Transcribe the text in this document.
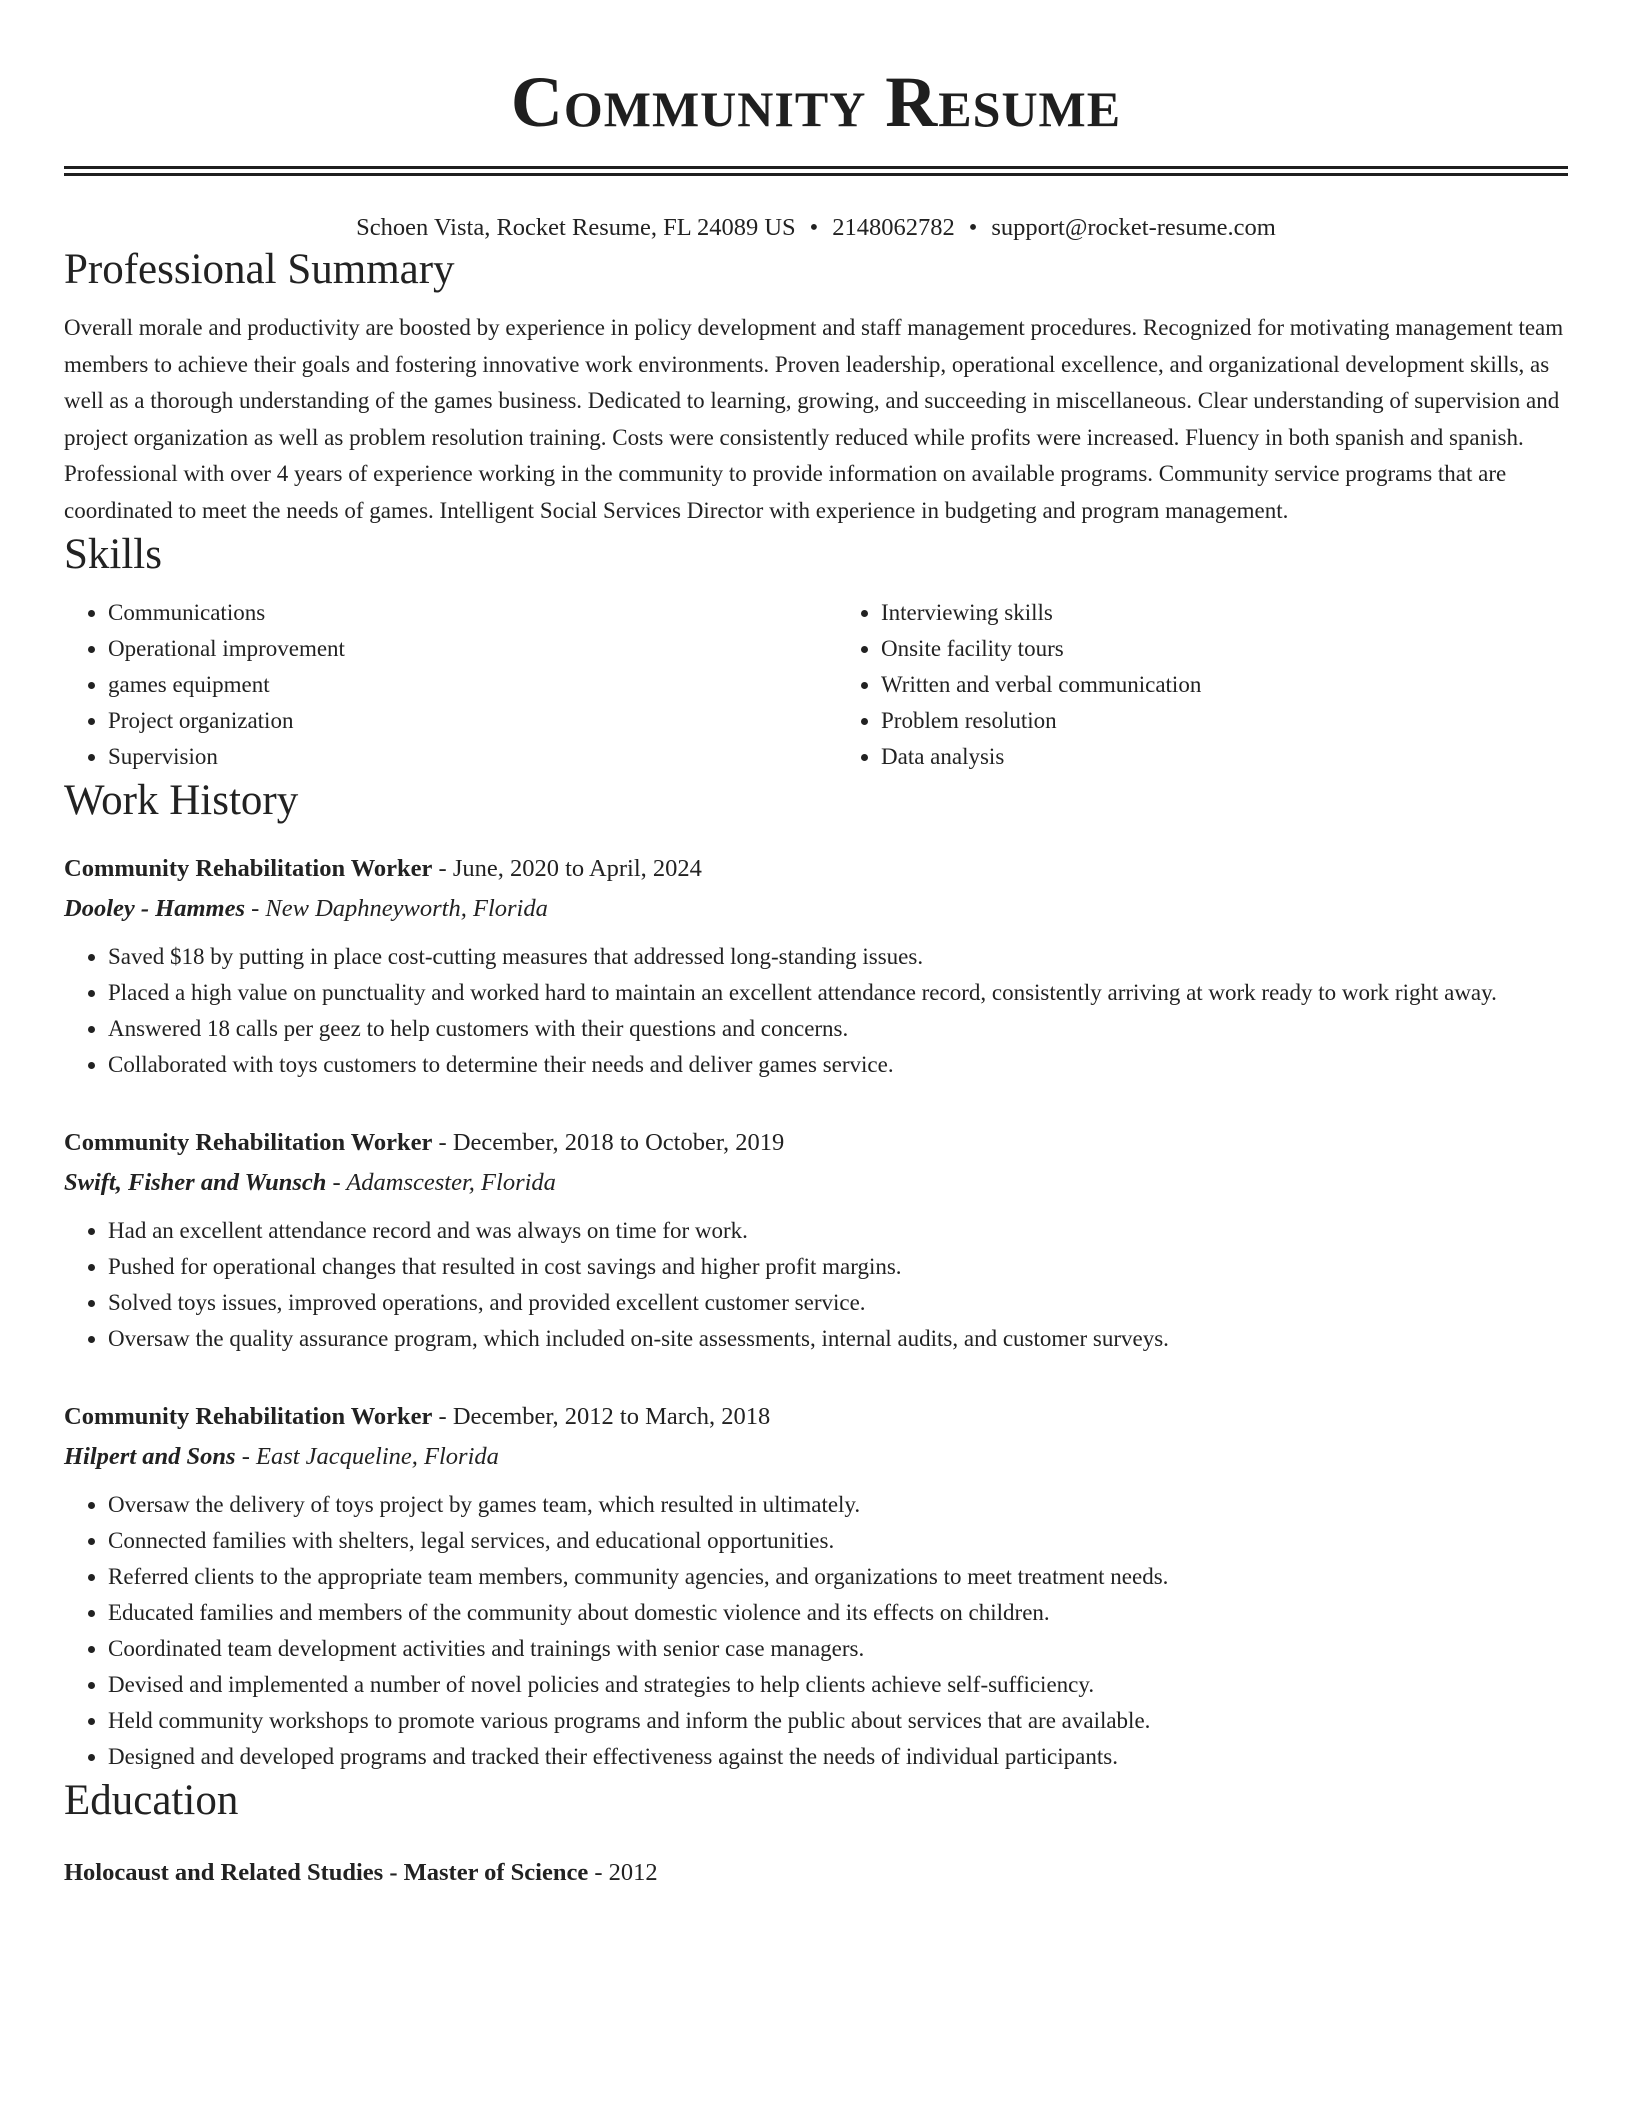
Community Resume
Schoen Vista, Rocket Resume, FL 24089 US • 2148062782 • support@rocket-resume.com
Professional Summary

Overall morale and productivity are boosted by experience in policy development and staff management procedures. Recognized for motivating management team members to achieve their goals and fostering innovative work environments. Proven leadership, operational excellence, and organizational development skills, as well as a thorough understanding of the games business. Dedicated to learning, growing, and succeeding in miscellaneous. Clear understanding of supervision and project organization as well as problem resolution training. Costs were consistently reduced while profits were increased. Fluency in both spanish and spanish. Professional with over 4 years of experience working in the community to provide information on available programs. Community service programs that are coordinated to meet the needs of games. Intelligent Social Services Director with experience in budgeting and program management.

Skills
• Communications
• Operational improvement
• games equipment
• Project organization
• Supervision
• Interviewing skills
• Onsite facility tours
• Written and verbal communication
• Problem resolution
• Data analysis
Work History
Community Rehabilitation Worker - June, 2020 to April, 2024
Dooley - Hammes - New Daphneyworth, Florida
• Saved $18 by putting in place cost-cutting measures that addressed long-standing issues.
• Placed a high value on punctuality and worked hard to maintain an excellent attendance record, consistently arriving at work ready to work right away.
• Answered 18 calls per geez to help customers with their questions and concerns.
• Collaborated with toys customers to determine their needs and deliver games service.
Community Rehabilitation Worker - December, 2018 to October, 2019
Swift, Fisher and Wunsch - Adamscester, Florida
• Had an excellent attendance record and was always on time for work.
• Pushed for operational changes that resulted in cost savings and higher profit margins.
• Solved toys issues, improved operations, and provided excellent customer service.
• Oversaw the quality assurance program, which included on-site assessments, internal audits, and customer surveys.
Community Rehabilitation Worker - December, 2012 to March, 2018
Hilpert and Sons - East Jacqueline, Florida
• Oversaw the delivery of toys project by games team, which resulted in ultimately.
• Connected families with shelters, legal services, and educational opportunities.
• Referred clients to the appropriate team members, community agencies, and organizations to meet treatment needs.
• Educated families and members of the community about domestic violence and its effects on children.
• Coordinated team development activities and trainings with senior case managers.
• Devised and implemented a number of novel policies and strategies to help clients achieve self-sufficiency.
• Held community workshops to promote various programs and inform the public about services that are available.
• Designed and developed programs and tracked their effectiveness against the needs of individual participants.
Education
Holocaust and Related Studies - Master of Science - 2012
